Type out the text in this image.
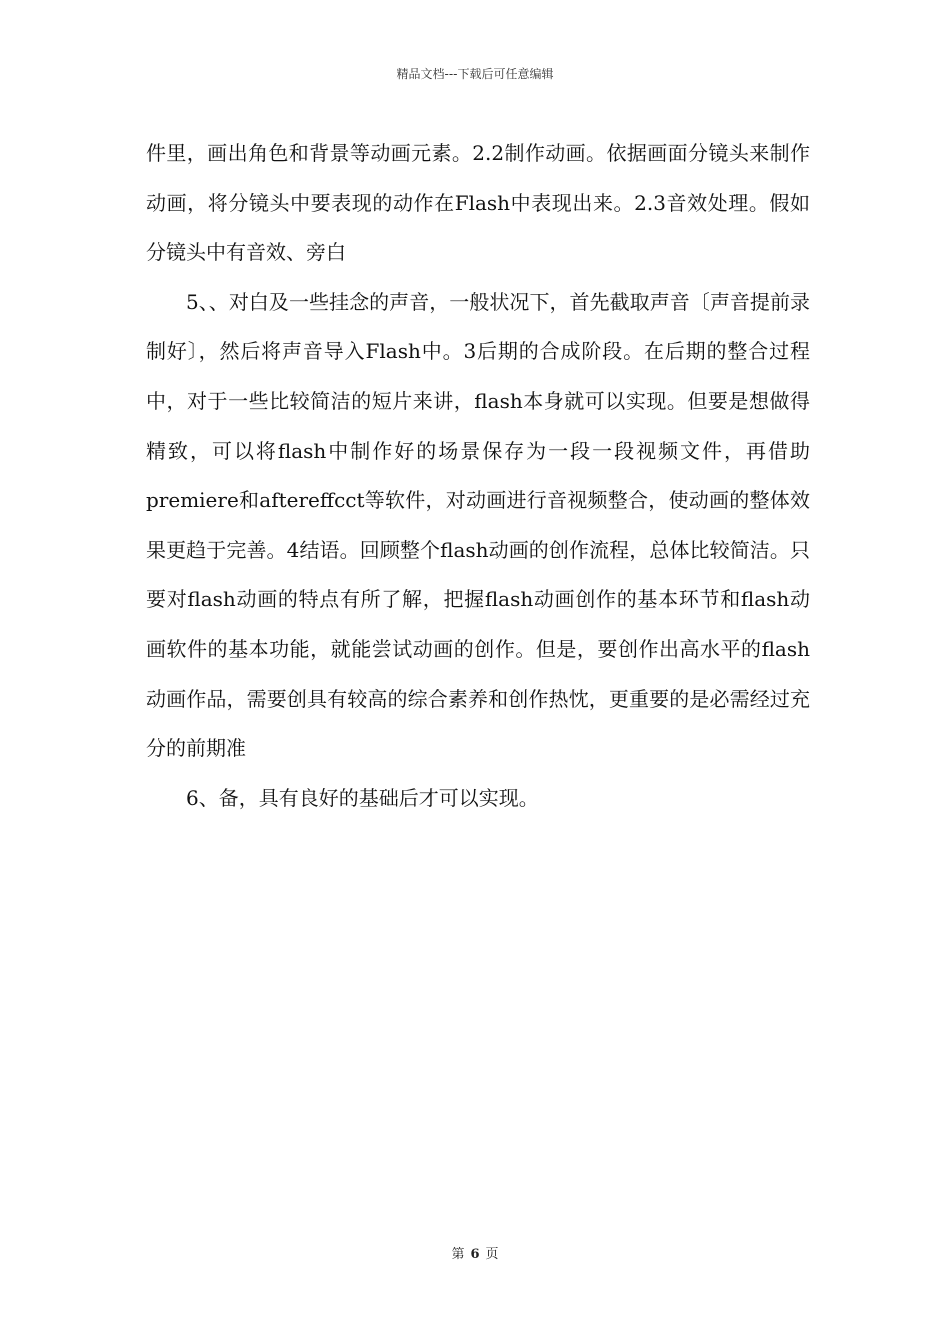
精品文档---下载后可任意编辑

件里，画出角色和背景等动画元素。2.2制作动画。依据画面分镜头来制作动画，将分镜头中要表现的动作在Flash中表现出来。2.3音效处理。假如分镜头中有音效、旁白

5、、对白及一些挂念的声音，一般状况下，首先截取声音〔声音提前录制好〕，然后将声音导入Flash中。3后期的合成阶段。在后期的整合过程中，对于一些比较简洁的短片来讲，flash本身就可以实现。但要是想做得精致，可以将flash中制作好的场景保存为一段一段视频文件，再借助premiere和aftereffcct等软件，对动画进行音视频整合，使动画的整体效果更趋于完善。4结语。回顾整个flash动画的创作流程，总体比较简洁。只要对flash动画的特点有所了解，把握flash动画创作的基本环节和flash动画软件的基本功能，就能尝试动画的创作。但是，要创作出高水平的flash动画作品，需要创具有较高的综合素养和创作热忱，更重要的是必需经过充分的前期准

6、备，具有良好的基础后才可以实现。

第 6 页
